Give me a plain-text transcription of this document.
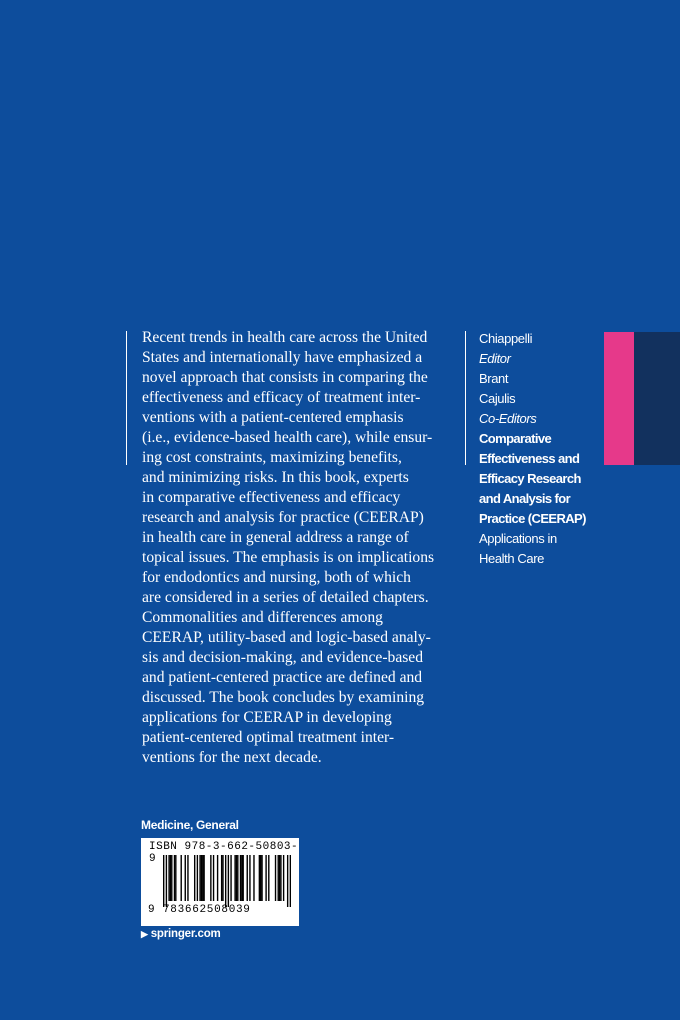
Recent trends in health care across the United
States and internationally have emphasized a
novel approach that consists in comparing the
effectiveness and efficacy of treatment inter-
ventions with a patient-centered emphasis
(i.e., evidence-based health care), while ensur-
ing cost constraints, maximizing benefits,
and minimizing risks. In this book, experts
in comparative effectiveness and efficacy
research and analysis for practice (CEERAP)
in health care in general address a range of
topical issues. The emphasis is on implications
for endodontics and nursing, both of which
are considered in a series of detailed chapters.
Commonalities and differences among
CEERAP, utility-based and logic-based analy-
sis and decision-making, and evidence-based
and patient-centered practice are defined and
discussed. The book concludes by examining
applications for CEERAP in developing
patient-centered optimal treatment inter-
ventions for the next decade.
Chiappelli
Editor
Brant
Cajulis
Co-Editors
Comparative
Effectiveness and
Efficacy Research
and Analysis for
Practice (CEERAP)
Applications in
Health Care
Medicine, General
ISBN 978-3-662-50803-9
9 783662508039
▶ springer.com
